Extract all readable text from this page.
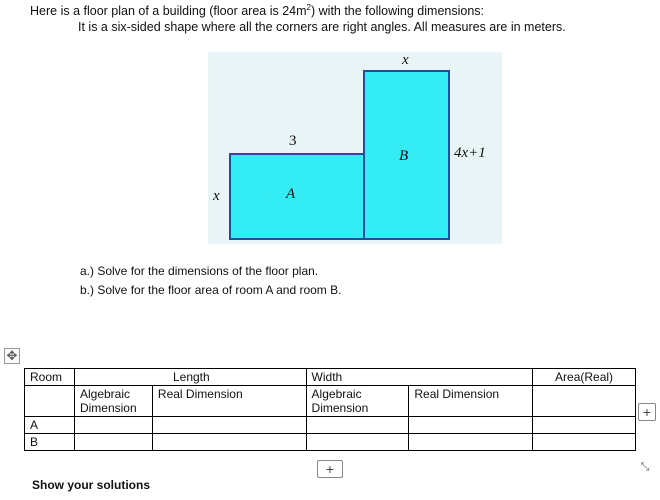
Here is a floor plan of a building (floor area is $24m^2$) with the following dimensions:
It is a six-sided shape where all the corners are right angles. All measures are in meters.
x
3
x	A
B	4x+1
a.) Solve for the dimensions of the floor plan.
b.) Solve for the floor area of room A and room B.
✥
Room	Length		Width		Area(Real)
	Algebraic Dimension	Real Dimension	Algebraic Dimension	Real Dimension	
A					
B					
+
+	⤡
Show your solutions
